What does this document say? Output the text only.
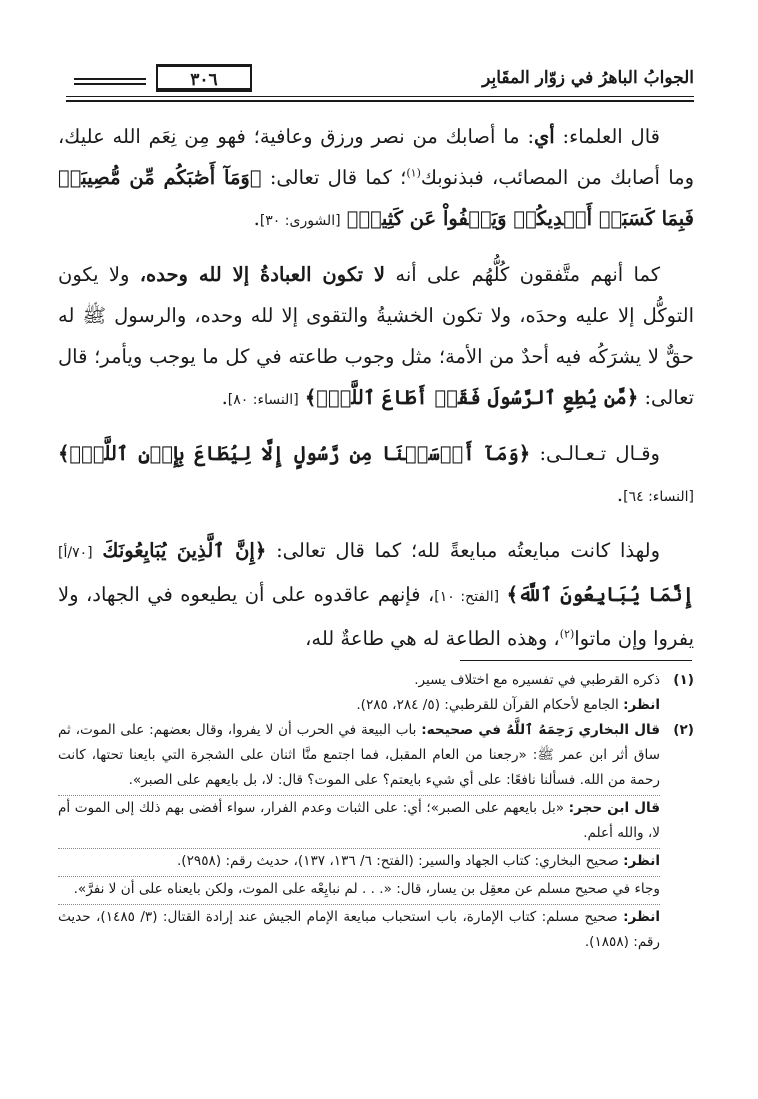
الجوابُ الباهرُ في زوّار المقَابِر
٣٠٦

قال العلماء: أي: ما أصابك من نصر ورزق وعافية؛ فهو مِن نِعَم الله عليك، وما أصابك من المصائب، فبذنوبك$^{(١)}$؛ كما قال تعالى: ﴿وَمَآ أَصَٰبَكُم مِّن مُّصِيبَةٖ فَبِمَا كَسَبَتۡ أَيۡدِيكُمۡ وَيَعۡفُواْ عَن كَثِيرٖ﴾ [الشورى: ٣٠].

كما أنهم متَّفقون كُلُّهُم على أنه لا تكون العبادةُ إلا لله وحده، ولا يكون التوكُّل إلا عليه وحدَه، ولا تكون الخشيةُ والتقوى إلا لله وحده، والرسول ﷺ له حقٌّ لا يشرَكُه فيه أحدٌ من الأمة؛ مثل وجوب طاعته في كل ما يوجب ويأمر؛ قال تعالى: ﴿مَّن يُطِعِ ٱلرَّسُولَ فَقَدۡ أَطَاعَ ٱللَّهَۖ﴾ [النساء: ٨٠].

وقـال تـعـالـى: ﴿وَمَآ أَرۡسَلۡنَا مِن رَّسُولٍ إِلَّا لِيُطَاعَ بِإِذۡنِ ٱللَّهِۚ﴾ [النساء: ٦٤].

ولهذا كانت مبايعتُه مبايعةً لله؛ كما قال تعالى: ﴿إِنَّ ٱلَّذِينَ يُبَايِعُونَكَ [٧٠/أ] إِنَّمَا يُبَايِعُونَ ٱللَّهَ﴾ [الفتح: ١٠]، فإنهم عاقدوه على أن يطيعوه في الجهاد، ولا يفروا وإن ماتوا$^{(٢)}$، وهذه الطاعة له هي طاعةٌ لله،

(١)

ذكره القرطبي في تفسيره مع اختلاف يسير.

انظر: الجامع لأحكام القرآن للقرطبي: (٥/ ٢٨٤، ٢٨٥).

(٢)

قال البخاري رَحِمَهُ ٱللَّهُ في صحيحه: باب البيعة في الحرب أن لا يفروا، وقال بعضهم: على الموت، ثم ساق أثر ابن عمر ﷺ: «رجعنا من العام المقبل، فما اجتمع منَّا اثنان على الشجرة التي بايعنا تحتها، كانت رحمة من الله. فسألنا نافعًا: على أي شيء بايعتم؟ على الموت؟ قال: لا، بل بايعهم على الصبر».

قال ابن حجر: «بل بايعهم على الصبر»؛ أي: على الثبات وعدم الفرار، سواء أفضى بهم ذلك إلى الموت أم لا، والله أعلم.

انظر: صحيح البخاري: كتاب الجهاد والسير: (الفتح: ٦/ ١٣٦، ١٣٧)، حديث رقم: (٢٩٥٨).

وجاء في صحيح مسلم عن معقِل بن يسار، قال: «. . . لم نبايِعْه على الموت، ولكن بايعناه على أن لا نفرَّ».

انظر: صحيح مسلم: كتاب الإمارة، باب استحباب مبايعة الإمام الجيش عند إرادة القتال: (٣/ ١٤٨٥)، حديث رقم: (١٨٥٨).
